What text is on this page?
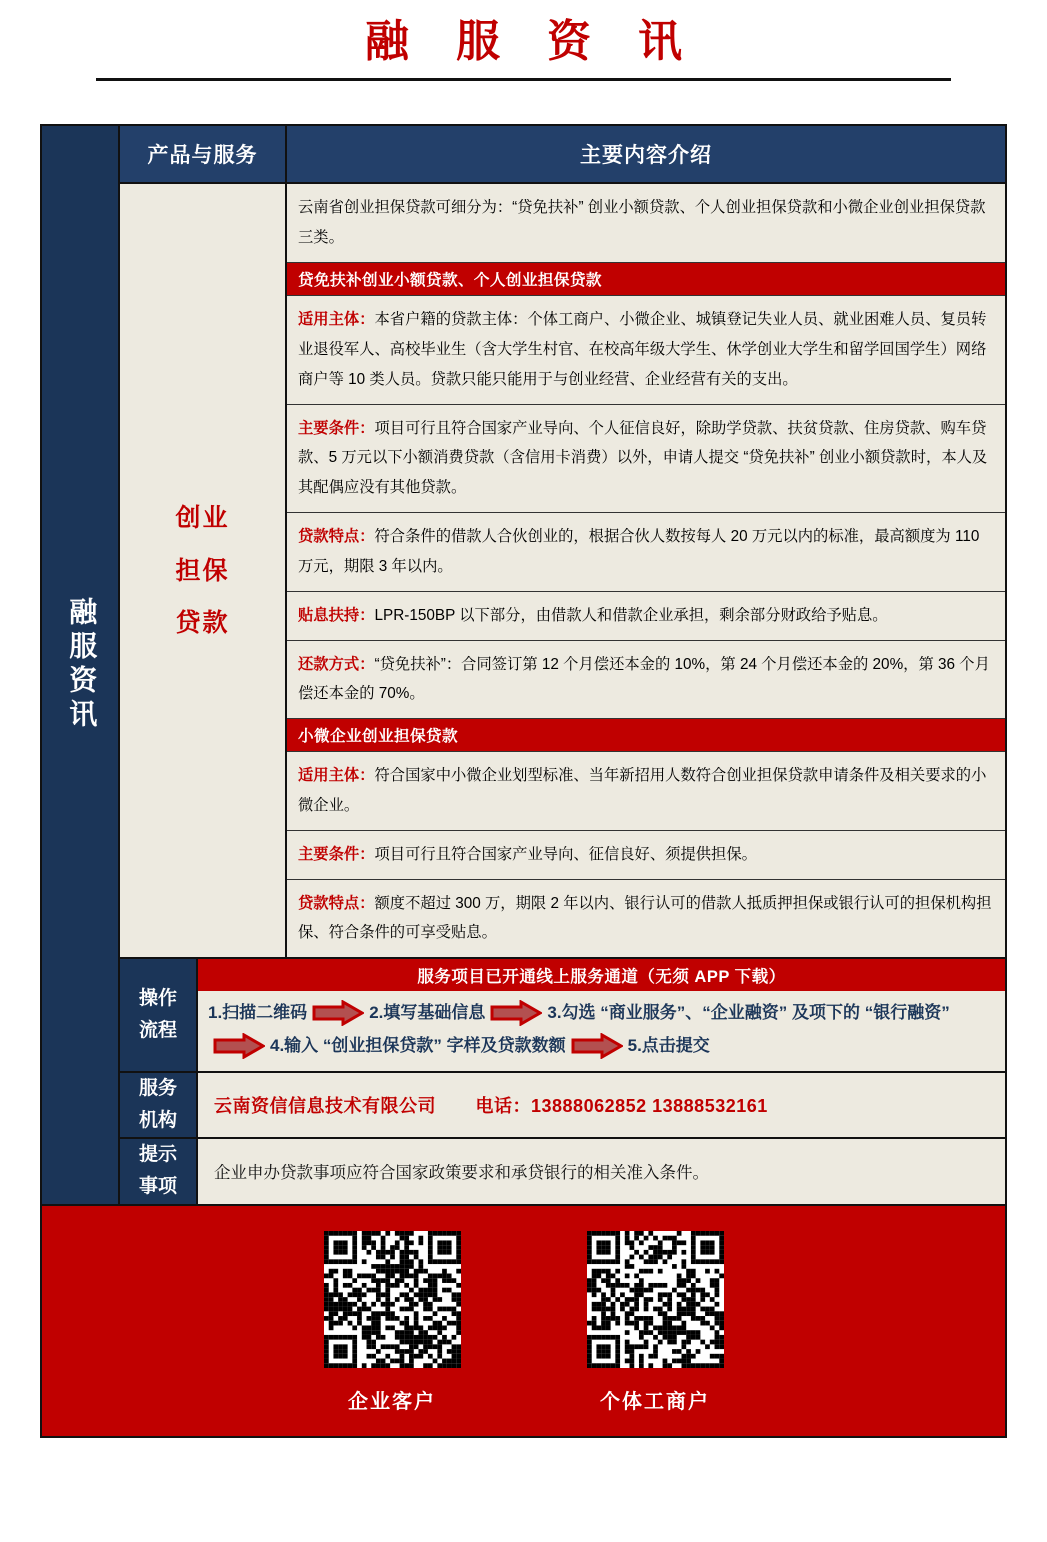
融 服 资 讯
融服资讯
产品与服务	主要内容介绍
创业
担保
贷款
云南省创业担保贷款可细分为：“贷免扶补” 创业小额贷款、个人创业担保贷款和小微企业创业担保贷款三类。
贷免扶补创业小额贷款、个人创业担保贷款
适用主体：本省户籍的贷款主体：个体工商户、小微企业、城镇登记失业人员、就业困难人员、复员转业退役军人、高校毕业生（含大学生村官、在校高年级大学生、休学创业大学生和留学回国学生）网络商户等 10 类人员。贷款只能只能用于与创业经营、企业经营有关的支出。
主要条件：项目可行且符合国家产业导向、个人征信良好，除助学贷款、扶贫贷款、住房贷款、购车贷款、5 万元以下小额消费贷款（含信用卡消费）以外，申请人提交 “贷免扶补” 创业小额贷款时，本人及其配偶应没有其他贷款。
贷款特点：符合条件的借款人合伙创业的，根据合伙人数按每人 20 万元以内的标准，最高额度为 110 万元，期限 3 年以内。
贴息扶持：LPR-150BP 以下部分，由借款人和借款企业承担，剩余部分财政给予贴息。
还款方式：“贷免扶补”：合同签订第 12 个月偿还本金的 10%，第 24 个月偿还本金的 20%，第 36 个月偿还本金的 70%。
小微企业创业担保贷款
适用主体：符合国家中小微企业划型标准、当年新招用人数符合创业担保贷款申请条件及相关要求的小微企业。
主要条件：项目可行且符合国家产业导向、征信良好、须提供担保。
贷款特点：额度不超过 300 万，期限 2 年以内、银行认可的借款人抵质押担保或银行认可的担保机构担保、符合条件的可享受贴息。
操作
流程
服务项目已开通线上服务通道（无须 APP 下载）
1.扫描二维码	2.填写基础信息	3.勾选 “商业服务”、“企业融资” 及项下的 “银行融资”4.输入 “创业担保贷款” 字样及贷款数额	5.点击提交
服务
机构
云南资信信息技术有限公司 电话：13888062852 13888532161
提示
事项
企业申办贷款事项应符合国家政策要求和承贷银行的相关准入条件。
企业客户	个体工商户
